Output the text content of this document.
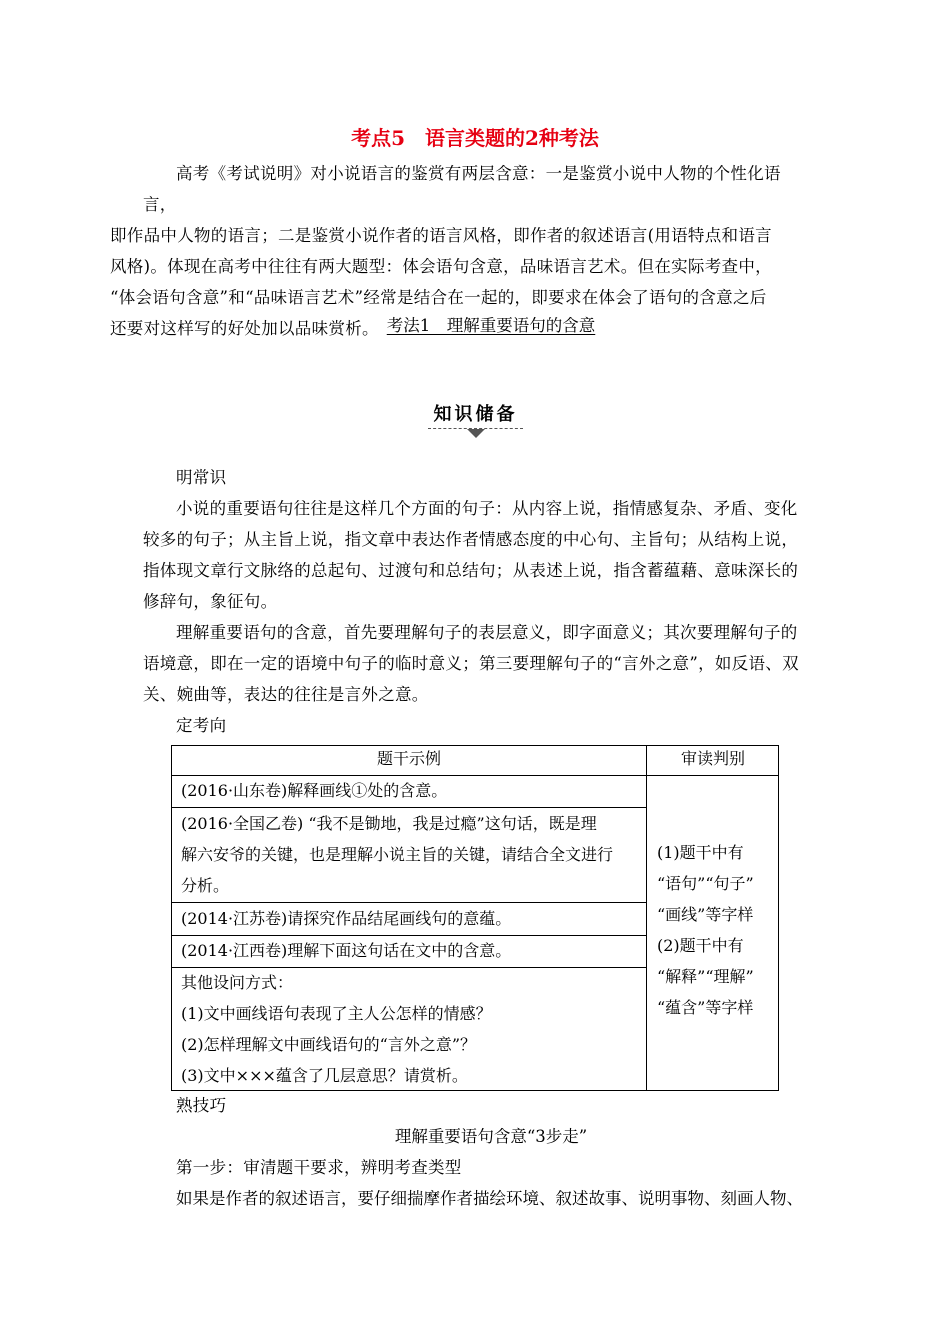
考点5　语言类题的2种考法
高考《考试说明》对小说语言的鉴赏有两层含意：一是鉴赏小说中人物的个性化语言，
即作品中人物的语言；二是鉴赏小说作者的语言风格，即作者的叙述语言(用语特点和语言
风格)。体现在高考中往往有两大题型：体会语句含意，品味语言艺术。但在实际考查中，
“体会语句含意”和“品味语言艺术”经常是结合在一起的，即要求在体会了语句的含意之后
还要对这样写的好处加以品味赏析。 考法1　理解重要语句的含意
知识储备
明常识
小说的重要语句往往是这样几个方面的句子：从内容上说，指情感复杂、矛盾、变化
较多的句子；从主旨上说，指文章中表达作者情感态度的中心句、主旨句；从结构上说，
指体现文章行文脉络的总起句、过渡句和总结句；从表述上说，指含蓄蕴藉、意味深长的
修辞句，象征句。
理解重要语句的含意，首先要理解句子的表层意义，即字面意义；其次要理解句子的
语境意，即在一定的语境中句子的临时意义；第三要理解句子的“言外之意”，如反语、双
关、婉曲等，表达的往往是言外之意。
定考向
题干示例	审读判别
(2016·山东卷)解释画线①处的含意。
(2016·全国乙卷) “我不是锄地，我是过瘾”这句话，既是理
解六安爷的关键，也是理解小说主旨的关键，请结合全文进行
分析。
(2014·江苏卷)请探究作品结尾画线句的意蕴。
(2014·江西卷)理解下面这句话在文中的含意。
其他设问方式：
(1)文中画线语句表现了主人公怎样的情感？
(2)怎样理解文中画线语句的“言外之意”？
(3)文中×××蕴含了几层意思？请赏析。
(1)题干中有
“语句”“句子”
“画线”等字样
(2)题干中有
“解释”“理解”
“蕴含”等字样
熟技巧
理解重要语句含意“3步走”
第一步：审清题干要求，辨明考查类型
如果是作者的叙述语言，要仔细揣摩作者描绘环境、叙述故事、说明事物、刻画人物、
